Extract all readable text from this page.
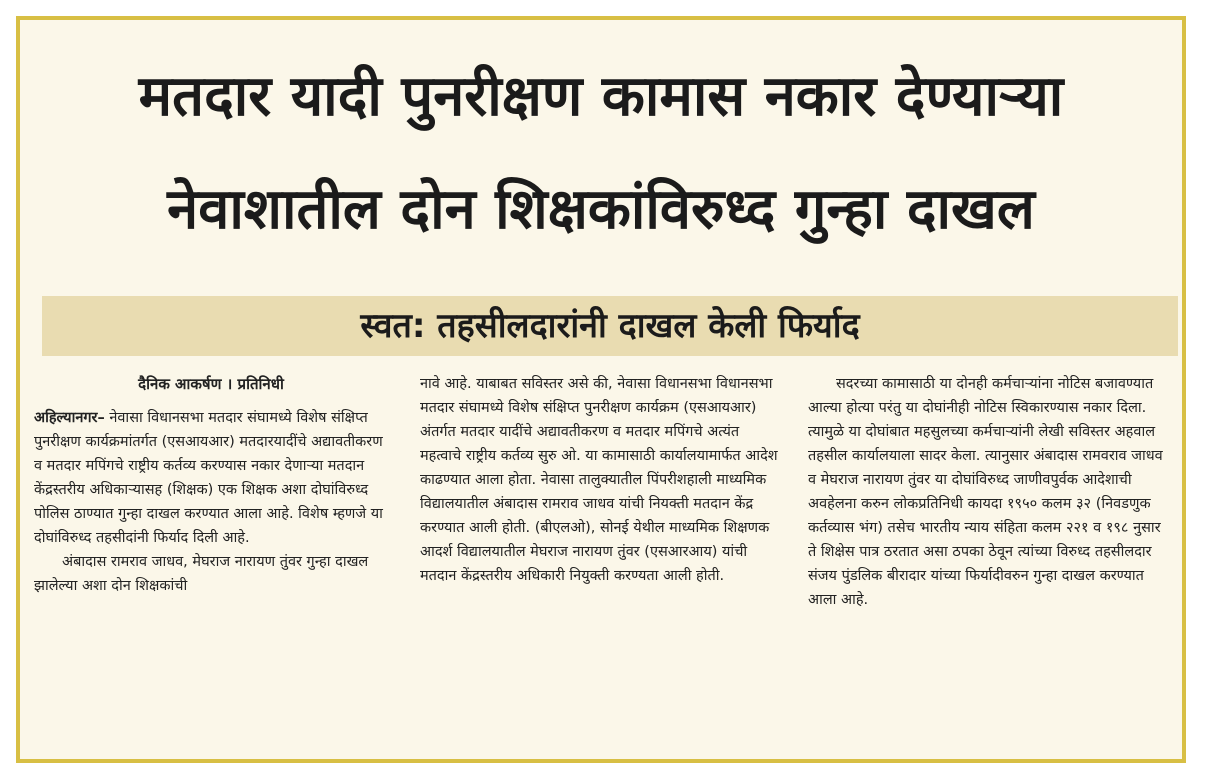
मतदार यादी पुनरीक्षण कामास नकार देण्याऱ्या
नेवाशातील दोन शिक्षकांविरुध्द गुन्हा दाखल
स्वत: तहसीलदारांनी दाखल केली फिर्याद

दैनिक आकर्षण । प्रतिनिधी

अहिल्यानगर– नेवासा विधानसभा मतदार संघामध्ये विशेष संक्षिप्त पुनरीक्षण कार्यक्रमांतर्गत (एसआयआर) मतदारयादींचे अद्यावतीकरण व मतदार मपिंगचे राष्ट्रीय कर्तव्य करण्यास नकार देणाऱ्या मतदान केंद्रस्तरीय अधिकाऱ्यासह (शिक्षक) एक शिक्षक अशा दोघांविरुध्द पोलिस ठाण्यात गुन्हा दाखल करण्यात आला आहे. विशेष म्हणजे या दोघांविरुध्द तहसीदांनी फिर्याद दिली आहे.

अंबादास रामराव जाधव, मेघराज नारायण तुंवर गुन्हा दाखल झालेल्या अशा दोन शिक्षकांची

नावे आहे. याबाबत सविस्तर असे की, नेवासा विधानसभा विधानसभा मतदार संघामध्ये विशेष संक्षिप्त पुनरीक्षण कार्यक्रम (एसआयआर) अंतर्गत मतदार यादींचे अद्यावतीकरण व मतदार मपिंगचे अत्यंत महत्वाचे राष्ट्रीय कर्तव्य सुरु ओ. या कामासाठी कार्यालयामार्फत आदेश काढण्यात आला होता. नेवासा तालुक्यातील पिंपरीशहाली माध्यमिक विद्यालयातील अंबादास रामराव जाधव यांची नियक्ती मतदान केंद्र करण्यात आली होती. (बीएलओ), सोनई येथील माध्यमिक शिक्षणक आदर्श विद्यालयातील मेघराज नारायण तुंवर (एसआरआय) यांची मतदान केंद्रस्तरीय अधिकारी नियुक्ती करण्यता आली होती.

सदरच्या कामासाठी या दोनही कर्मचाऱ्यांना नोटिस बजावण्यात आल्या होत्या परंतु या दोघांनीही नोटिस स्विकारण्यास नकार दिला. त्यामुळे या दोघांबात महसुलच्या कर्मचाऱ्यांनी लेखी सविस्तर अहवाल तहसील कार्यालयाला सादर केला. त्यानुसार अंबादास रामवराव जाधव व मेघराज नारायण तुंवर या दोघांविरुध्द जाणीवपुर्वक आदेशाची अवहेलना करुन लोकप्रतिनिधी कायदा १९५० कलम ३२ (निवडणुक कर्तव्यास भंग) तसेच भारतीय न्याय संहिता कलम २२१ व १९८ नुसार ते शिक्षेस पात्र ठरतात असा ठपका ठेवून त्यांच्या विरुध्द तहसीलदार संजय पुंडलिक बीरादार यांच्या फिर्यादीवरुन गुन्हा दाखल करण्यात आला आहे.
